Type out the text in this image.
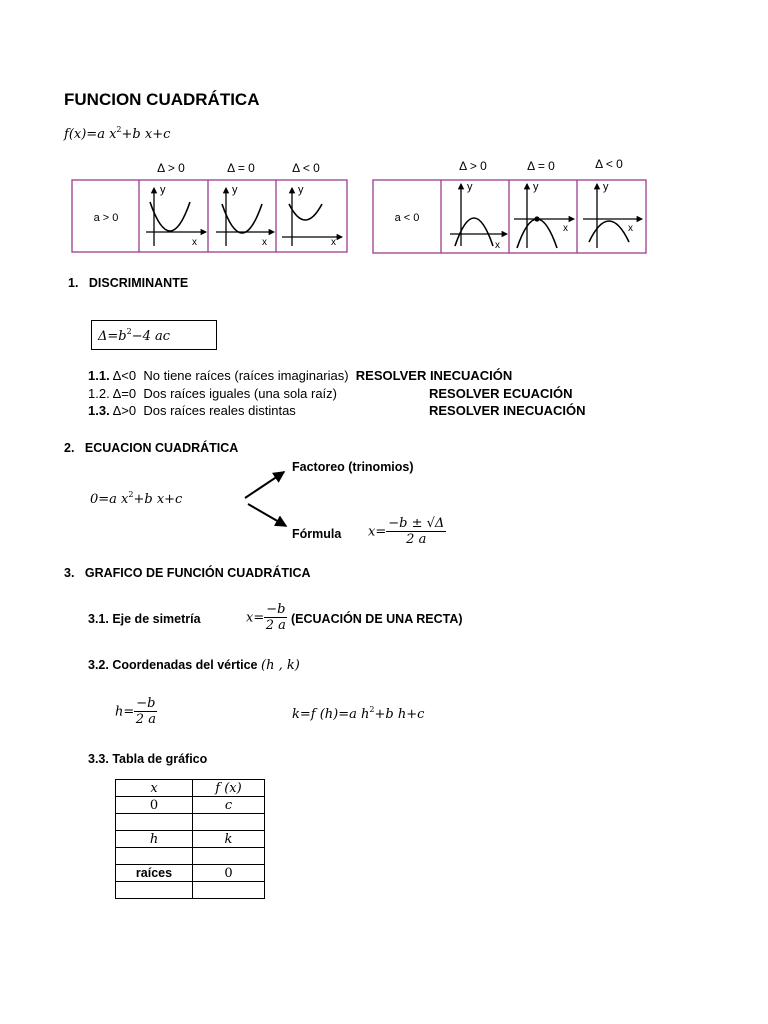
FUNCION CUADRÁTICA
f(x)=a $x^2+b$ x+c
Δ > 0	Δ = 0	Δ < 0	Δ > 0	Δ = 0	Δ < 0
a > 0	a < 0
y
x
y
x
y
x
y
x
y
x
y
x
1. DISCRIMINANTE
$\Delta=b^2-4$ ac
1.1. Δ<0 No tiene raíces (raíces imaginarias) RESOLVER INECUACIÓN
1.2. Δ=0 Dos raíces iguales (una sola raíz)	RESOLVER ECUACIÓN
1.3. Δ>0 Dos raíces reales distintas	RESOLVER INECUACIÓN
2. ECUACION CUADRÁTICA
0=a $x^2+b$ x+c
Factoreo (trinomios)
Fórmula $x= \frac{-b \pm √\Delta}{2 a}$
3. GRAFICO DE FUNCIÓN CUADRÁTICA
3.1. Eje de simetría	$x= \frac{-b}{2 a}$ (ECUACIÓN DE UNA RECTA)
3.2. Coordenadas del vértice (h , k)
$h= \frac{-b}{2 a}$	k=f (h)=a $h^2+b$ h+c
3.3. Tabla de gráfico
x	f (x)
0	c

h	k

raíces	0
